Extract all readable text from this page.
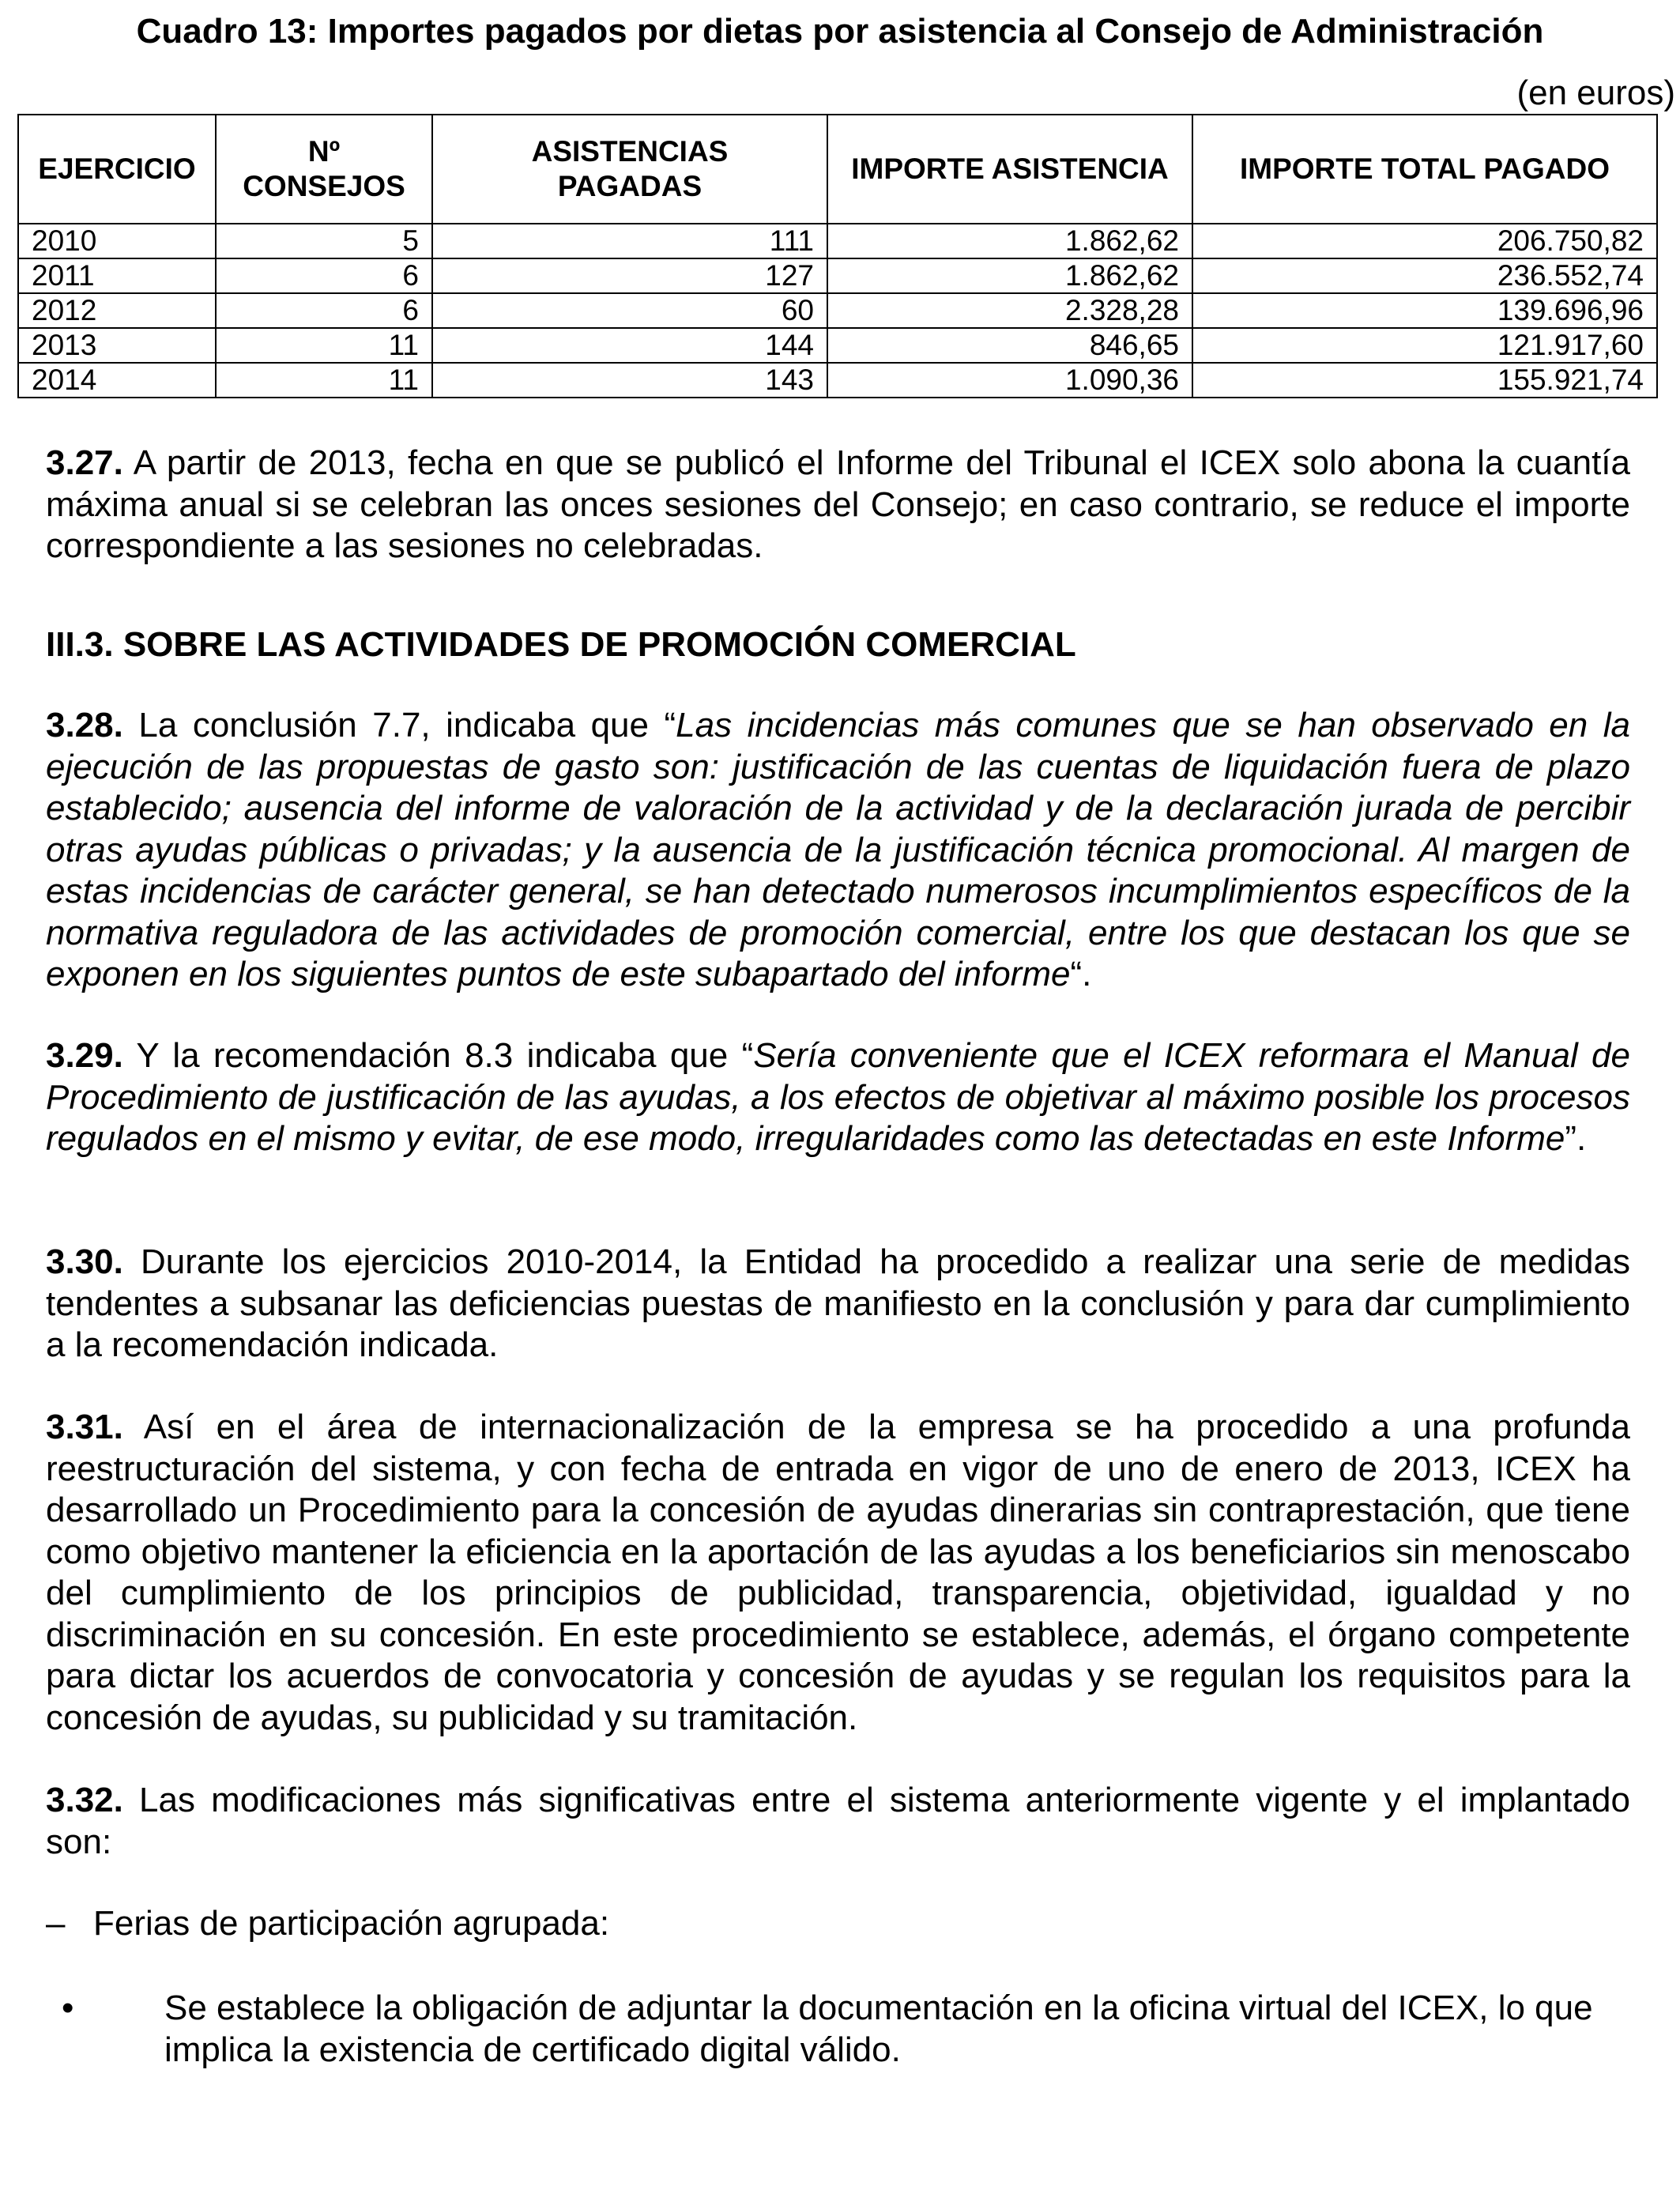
Cuadro 13: Importes pagados por dietas por asistencia al Consejo de Administración
(en euros)
EJERCICIO	Nº CONSEJOS	ASISTENCIAS PAGADAS	IMPORTE ASISTENCIA	IMPORTE TOTAL PAGADO
2010	5	111	1.862,62	206.750,82
2011	6	127	1.862,62	236.552,74
2012	6	60	2.328,28	139.696,96
2013	11	144	846,65	121.917,60
2014	11	143	1.090,36	155.921,74
3.27. A partir de 2013, fecha en que se publicó el Informe del Tribunal el ICEX solo abona la cuantía máxima anual si se celebran las onces sesiones del Consejo; en caso contrario, se reduce el importe correspondiente a las sesiones no celebradas.
III.3. SOBRE LAS ACTIVIDADES DE PROMOCIÓN COMERCIAL
3.28. La conclusión 7.7, indicaba que “Las incidencias más comunes que se han observado en la ejecución de las propuestas de gasto son: justificación de las cuentas de liquidación fuera de plazo establecido; ausencia del informe de valoración de la actividad y de la declaración jurada de percibir otras ayudas públicas o privadas; y la ausencia de la justificación técnica promocional. Al margen de estas incidencias de carácter general, se han detectado numerosos incumplimientos específicos de la normativa reguladora de las actividades de promoción comercial, entre los que destacan los que se exponen en los siguientes puntos de este subapartado del informe“.
3.29. Y la recomendación 8.3 indicaba que “Sería conveniente que el ICEX reformara el Manual de Procedimiento de justificación de las ayudas, a los efectos de objetivar al máximo posible los procesos regulados en el mismo y evitar, de ese modo, irregularidades como las detectadas en este Informe”.
3.30. Durante los ejercicios 2010-2014, la Entidad ha procedido a realizar una serie de medidas tendentes a subsanar las deficiencias puestas de manifiesto en la conclusión y para dar cumplimiento a la recomendación indicada.
3.31. Así en el área de internacionalización de la empresa se ha procedido a una profunda reestructuración del sistema, y con fecha de entrada en vigor de uno de enero de 2013, ICEX ha desarrollado un Procedimiento para la concesión de ayudas dinerarias sin contraprestación, que tiene como objetivo mantener la eficiencia en la aportación de las ayudas a los beneficiarios sin menoscabo del cumplimiento de los principios de publicidad, transparencia, objetividad, igualdad y no discriminación en su concesión. En este procedimiento se establece, además, el órgano competente para dictar los acuerdos de convocatoria y concesión de ayudas y se regulan los requisitos para la concesión de ayudas, su publicidad y su tramitación.
3.32. Las modificaciones más significativas entre el sistema anteriormente vigente y el implantado son:
– Ferias de participación agrupada:
•	Se establece la obligación de adjuntar la documentación en la oficina virtual del ICEX, lo que implica la existencia de certificado digital válido.
